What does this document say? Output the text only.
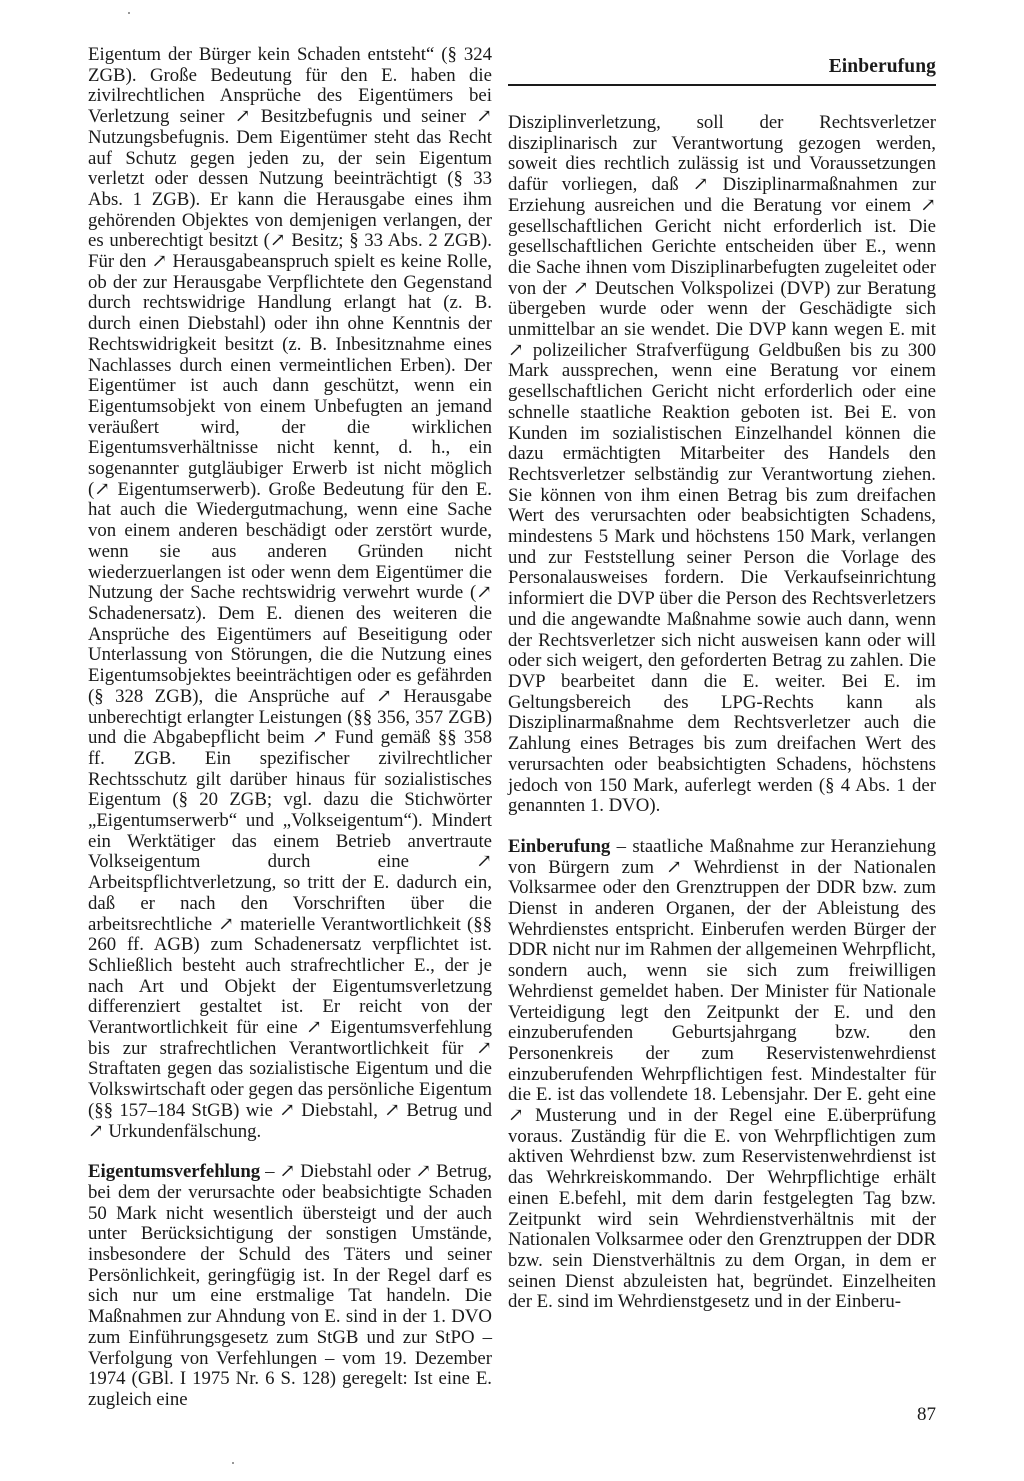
Einberufung

Eigentum der Bürger kein Schaden entsteht“ (§ 324 ZGB). Große Bedeutung für den E. haben die zivilrechtlichen Ansprüche des Eigentümers bei Verletzung seiner ↗ Besitzbefugnis und seiner ↗ Nutzungsbefugnis. Dem Eigentümer steht das Recht auf Schutz gegen jeden zu, der sein Eigentum verletzt oder dessen Nutzung beeinträchtigt (§ 33 Abs. 1 ZGB). Er kann die Herausgabe eines ihm gehörenden Objektes von demjenigen verlangen, der es unberechtigt besitzt (↗ Besitz; § 33 Abs. 2 ZGB). Für den ↗ Herausgabeanspruch spielt es keine Rolle, ob der zur Herausgabe Verpflichtete den Gegenstand durch rechtswidrige Handlung erlangt hat (z. B. durch einen Diebstahl) oder ihn ohne Kenntnis der Rechtswidrigkeit besitzt (z. B. Inbesitznahme eines Nachlasses durch einen vermeintlichen Erben). Der Eigentümer ist auch dann geschützt, wenn ein Eigentumsobjekt von einem Unbefugten an jemand veräußert wird, der die wirklichen Eigentumsverhältnisse nicht kennt, d. h., ein sogenannter gutgläubiger Erwerb ist nicht möglich (↗ Eigentumserwerb). Große Bedeutung für den E. hat auch die Wiedergutmachung, wenn eine Sache von einem anderen beschädigt oder zerstört wurde, wenn sie aus anderen Gründen nicht wiederzuerlangen ist oder wenn dem Eigentümer die Nutzung der Sache rechtswidrig verwehrt wurde (↗ Schadenersatz). Dem E. dienen des weiteren die Ansprüche des Eigentümers auf Beseitigung oder Unterlassung von Störungen, die die Nutzung eines Eigentumsobjektes beeinträchtigen oder es gefährden (§ 328 ZGB), die Ansprüche auf ↗ Herausgabe unberechtigt erlangter Leistungen (§§ 356, 357 ZGB) und die Abgabepflicht beim ↗ Fund gemäß §§ 358 ff. ZGB. Ein spezifischer zivilrechtlicher Rechtsschutz gilt darüber hinaus für sozialistisches Eigentum (§ 20 ZGB; vgl. dazu die Stichwörter „Eigentumserwerb“ und „Volkseigentum“). Mindert ein Werktätiger das einem Betrieb anvertraute Volkseigentum durch eine ↗ Arbeitspflichtverletzung, so tritt der E. dadurch ein, daß er nach den Vorschriften über die arbeitsrechtliche ↗ materielle Verantwortlichkeit (§§ 260 ff. AGB) zum Schadenersatz verpflichtet ist. Schließlich besteht auch strafrechtlicher E., der je nach Art und Objekt der Eigentumsverletzung differenziert gestaltet ist. Er reicht von der Verantwortlichkeit für eine ↗ Eigentumsverfehlung bis zur strafrechtlichen Verantwortlichkeit für ↗ Straftaten gegen das sozialistische Eigentum und die Volkswirtschaft oder gegen das persönliche Eigentum (§§ 157–184 StGB) wie ↗ Diebstahl, ↗ Betrug und ↗ Urkundenfälschung.

Eigentumsverfehlung – ↗ Diebstahl oder ↗ Betrug, bei dem der verursachte oder beabsichtigte Schaden 50 Mark nicht wesentlich übersteigt und der auch unter Berücksichtigung der sonstigen Umstände, insbesondere der Schuld des Täters und seiner Persönlichkeit, geringfügig ist. In der Regel darf es sich nur um eine erstmalige Tat handeln. Die Maßnahmen zur Ahndung von E. sind in der 1. DVO zum Einführungsgesetz zum StGB und zur StPO – Verfolgung von Verfehlungen – vom 19. Dezember 1974 (GBl. I 1975 Nr. 6 S. 128) geregelt: Ist eine E. zugleich eine

Disziplinverletzung, soll der Rechtsverletzer disziplinarisch zur Verantwortung gezogen werden, soweit dies rechtlich zulässig ist und Voraussetzungen dafür vorliegen, daß ↗ Disziplinarmaßnahmen zur Erziehung ausreichen und die Beratung vor einem ↗ gesellschaftlichen Gericht nicht erforderlich ist. Die gesellschaftlichen Gerichte entscheiden über E., wenn die Sache ihnen vom Disziplinarbefugten zugeleitet oder von der ↗ Deutschen Volkspolizei (DVP) zur Beratung übergeben wurde oder wenn der Geschädigte sich unmittelbar an sie wendet. Die DVP kann wegen E. mit ↗ polizeilicher Strafverfügung Geldbußen bis zu 300 Mark aussprechen, wenn eine Beratung vor einem gesellschaftlichen Gericht nicht erforderlich oder eine schnelle staatliche Reaktion geboten ist. Bei E. von Kunden im sozialistischen Einzelhandel können die dazu ermächtigten Mitarbeiter des Handels den Rechtsverletzer selbständig zur Verantwortung ziehen. Sie können von ihm einen Betrag bis zum dreifachen Wert des verursachten oder beabsichtigten Schadens, mindestens 5 Mark und höchstens 150 Mark, verlangen und zur Feststellung seiner Person die Vorlage des Personalausweises fordern. Die Verkaufseinrichtung informiert die DVP über die Person des Rechtsverletzers und die angewandte Maßnahme sowie auch dann, wenn der Rechtsverletzer sich nicht ausweisen kann oder will oder sich weigert, den geforderten Betrag zu zahlen. Die DVP bearbeitet dann die E. weiter. Bei E. im Geltungsbereich des LPG-Rechts kann als Disziplinarmaßnahme dem Rechtsverletzer auch die Zahlung eines Betrages bis zum dreifachen Wert des verursachten oder beabsichtigten Schadens, höchstens jedoch von 150 Mark, auferlegt werden (§ 4 Abs. 1 der genannten 1. DVO).

Einberufung – staatliche Maßnahme zur Heranziehung von Bürgern zum ↗ Wehrdienst in der Nationalen Volksarmee oder den Grenztruppen der DDR bzw. zum Dienst in anderen Organen, der der Ableistung des Wehrdienstes entspricht. Einberufen werden Bürger der DDR nicht nur im Rahmen der allgemeinen Wehrpflicht, sondern auch, wenn sie sich zum freiwilligen Wehrdienst gemeldet haben. Der Minister für Nationale Verteidigung legt den Zeitpunkt der E. und den einzuberufenden Geburtsjahrgang bzw. den Personenkreis der zum Reservistenwehrdienst einzuberufenden Wehrpflichtigen fest. Mindestalter für die E. ist das vollendete 18. Lebensjahr. Der E. geht eine ↗ Musterung und in der Regel eine E.überprüfung voraus. Zuständig für die E. von Wehrpflichtigen zum aktiven Wehrdienst bzw. zum Reservistenwehrdienst ist das Wehrkreiskommando. Der Wehrpflichtige erhält einen E.befehl, mit dem darin festgelegten Tag bzw. Zeitpunkt wird sein Wehrdienstverhältnis mit der Nationalen Volksarmee oder den Grenztruppen der DDR bzw. sein Dienstverhältnis zu dem Organ, in dem er seinen Dienst abzuleisten hat, begründet. Einzelheiten der E. sind im Wehrdienstgesetz und in der Einberu-

87
